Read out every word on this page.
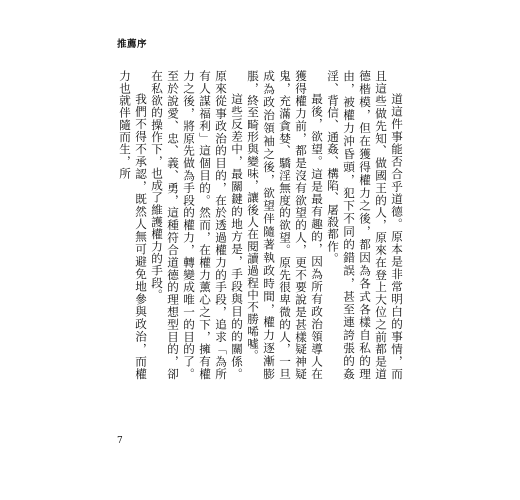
推薦序

道這件事能否合乎道德。原本是非常明白的事情，而且這些做先知、做國王的人，原來在登上大位之前都是道德楷模，但在獲得權力之後，都因為各式各樣自私的理由，被權力沖昏頭，犯下不同的錯誤，甚至連誇張的姦淫、背信、通姦、構陷、屠殺都作。

最後，欲望。這是最有趣的，因為所有政治領導人在獲得權力前，都是沒有欲望的人，更不要說是甚樣疑神疑鬼，充滿貪婪、驕淫無度的欲望。原先很卑微的人，一旦成為政治領袖之後，欲望伴隨著執政時間，權力逐漸膨脹，終至畸形與變味，讓後人在閱讀過程中不勝唏噓。

這些反差中，最關鍵的地方是，手段與目的的關係。原來從事政治的目的，在於透過權力的手段，追求「為所有人謀福利」這個目的。然而，在權力薰心之下，擁有權力之後，將原先做為手段的權力，轉變成唯一的目的了。至於說愛、忠、義、勇，這種符合道德的理想型目的，卻在私欲的操作下，也成了維護權力的手段。

我們不得不承認，既然人無可避免地參與政治，而權力也就伴隨而生，所

7
